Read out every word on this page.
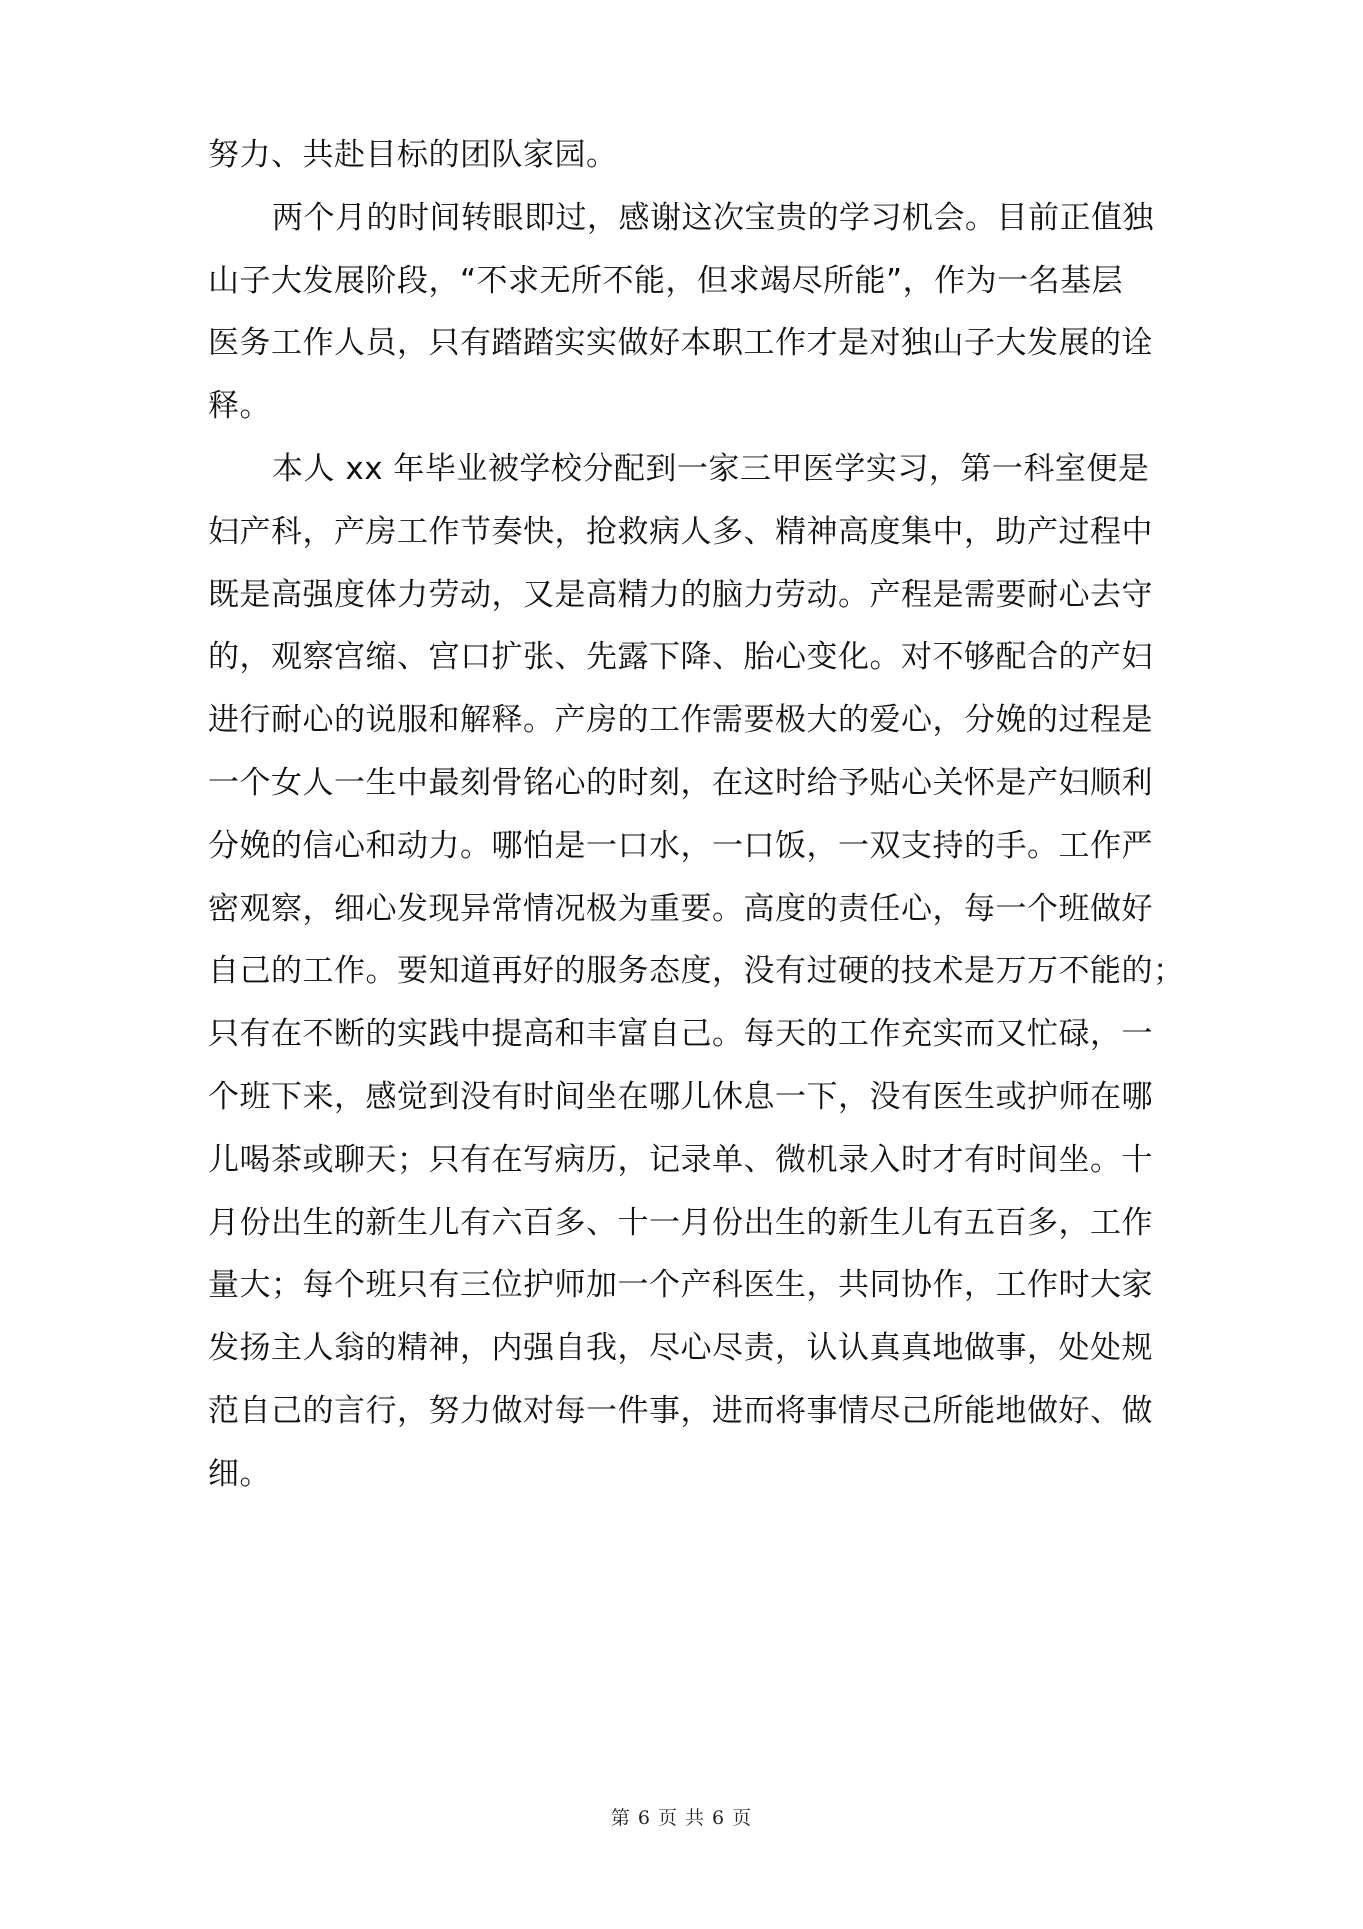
努力、共赴目标的团队家园。
两个月的时间转眼即过，感谢这次宝贵的学习机会。目前正值独
山子大发展阶段，“不求无所不能，但求竭尽所能”，作为一名基层
医务工作人员，只有踏踏实实做好本职工作才是对独山子大发展的诠
释。
本人 xx 年毕业被学校分配到一家三甲医学实习，第一科室便是
妇产科，产房工作节奏快，抢救病人多、精神高度集中，助产过程中
既是高强度体力劳动，又是高精力的脑力劳动。产程是需要耐心去守
的，观察宫缩、宫口扩张、先露下降、胎心变化。对不够配合的产妇
进行耐心的说服和解释。产房的工作需要极大的爱心，分娩的过程是
一个女人一生中最刻骨铭心的时刻，在这时给予贴心关怀是产妇顺利
分娩的信心和动力。哪怕是一口水，一口饭，一双支持的手。工作严
密观察，细心发现异常情况极为重要。高度的责任心，每一个班做好
自己的工作。要知道再好的服务态度，没有过硬的技术是万万不能的；
只有在不断的实践中提高和丰富自己。每天的工作充实而又忙碌，一
个班下来，感觉到没有时间坐在哪儿休息一下，没有医生或护师在哪
儿喝茶或聊天；只有在写病历，记录单、微机录入时才有时间坐。十
月份出生的新生儿有六百多、十一月份出生的新生儿有五百多，工作
量大；每个班只有三位护师加一个产科医生，共同协作，工作时大家
发扬主人翁的精神，内强自我，尽心尽责，认认真真地做事，处处规
范自己的言行，努力做对每一件事，进而将事情尽己所能地做好、做
细。
第 6 页 共 6 页
